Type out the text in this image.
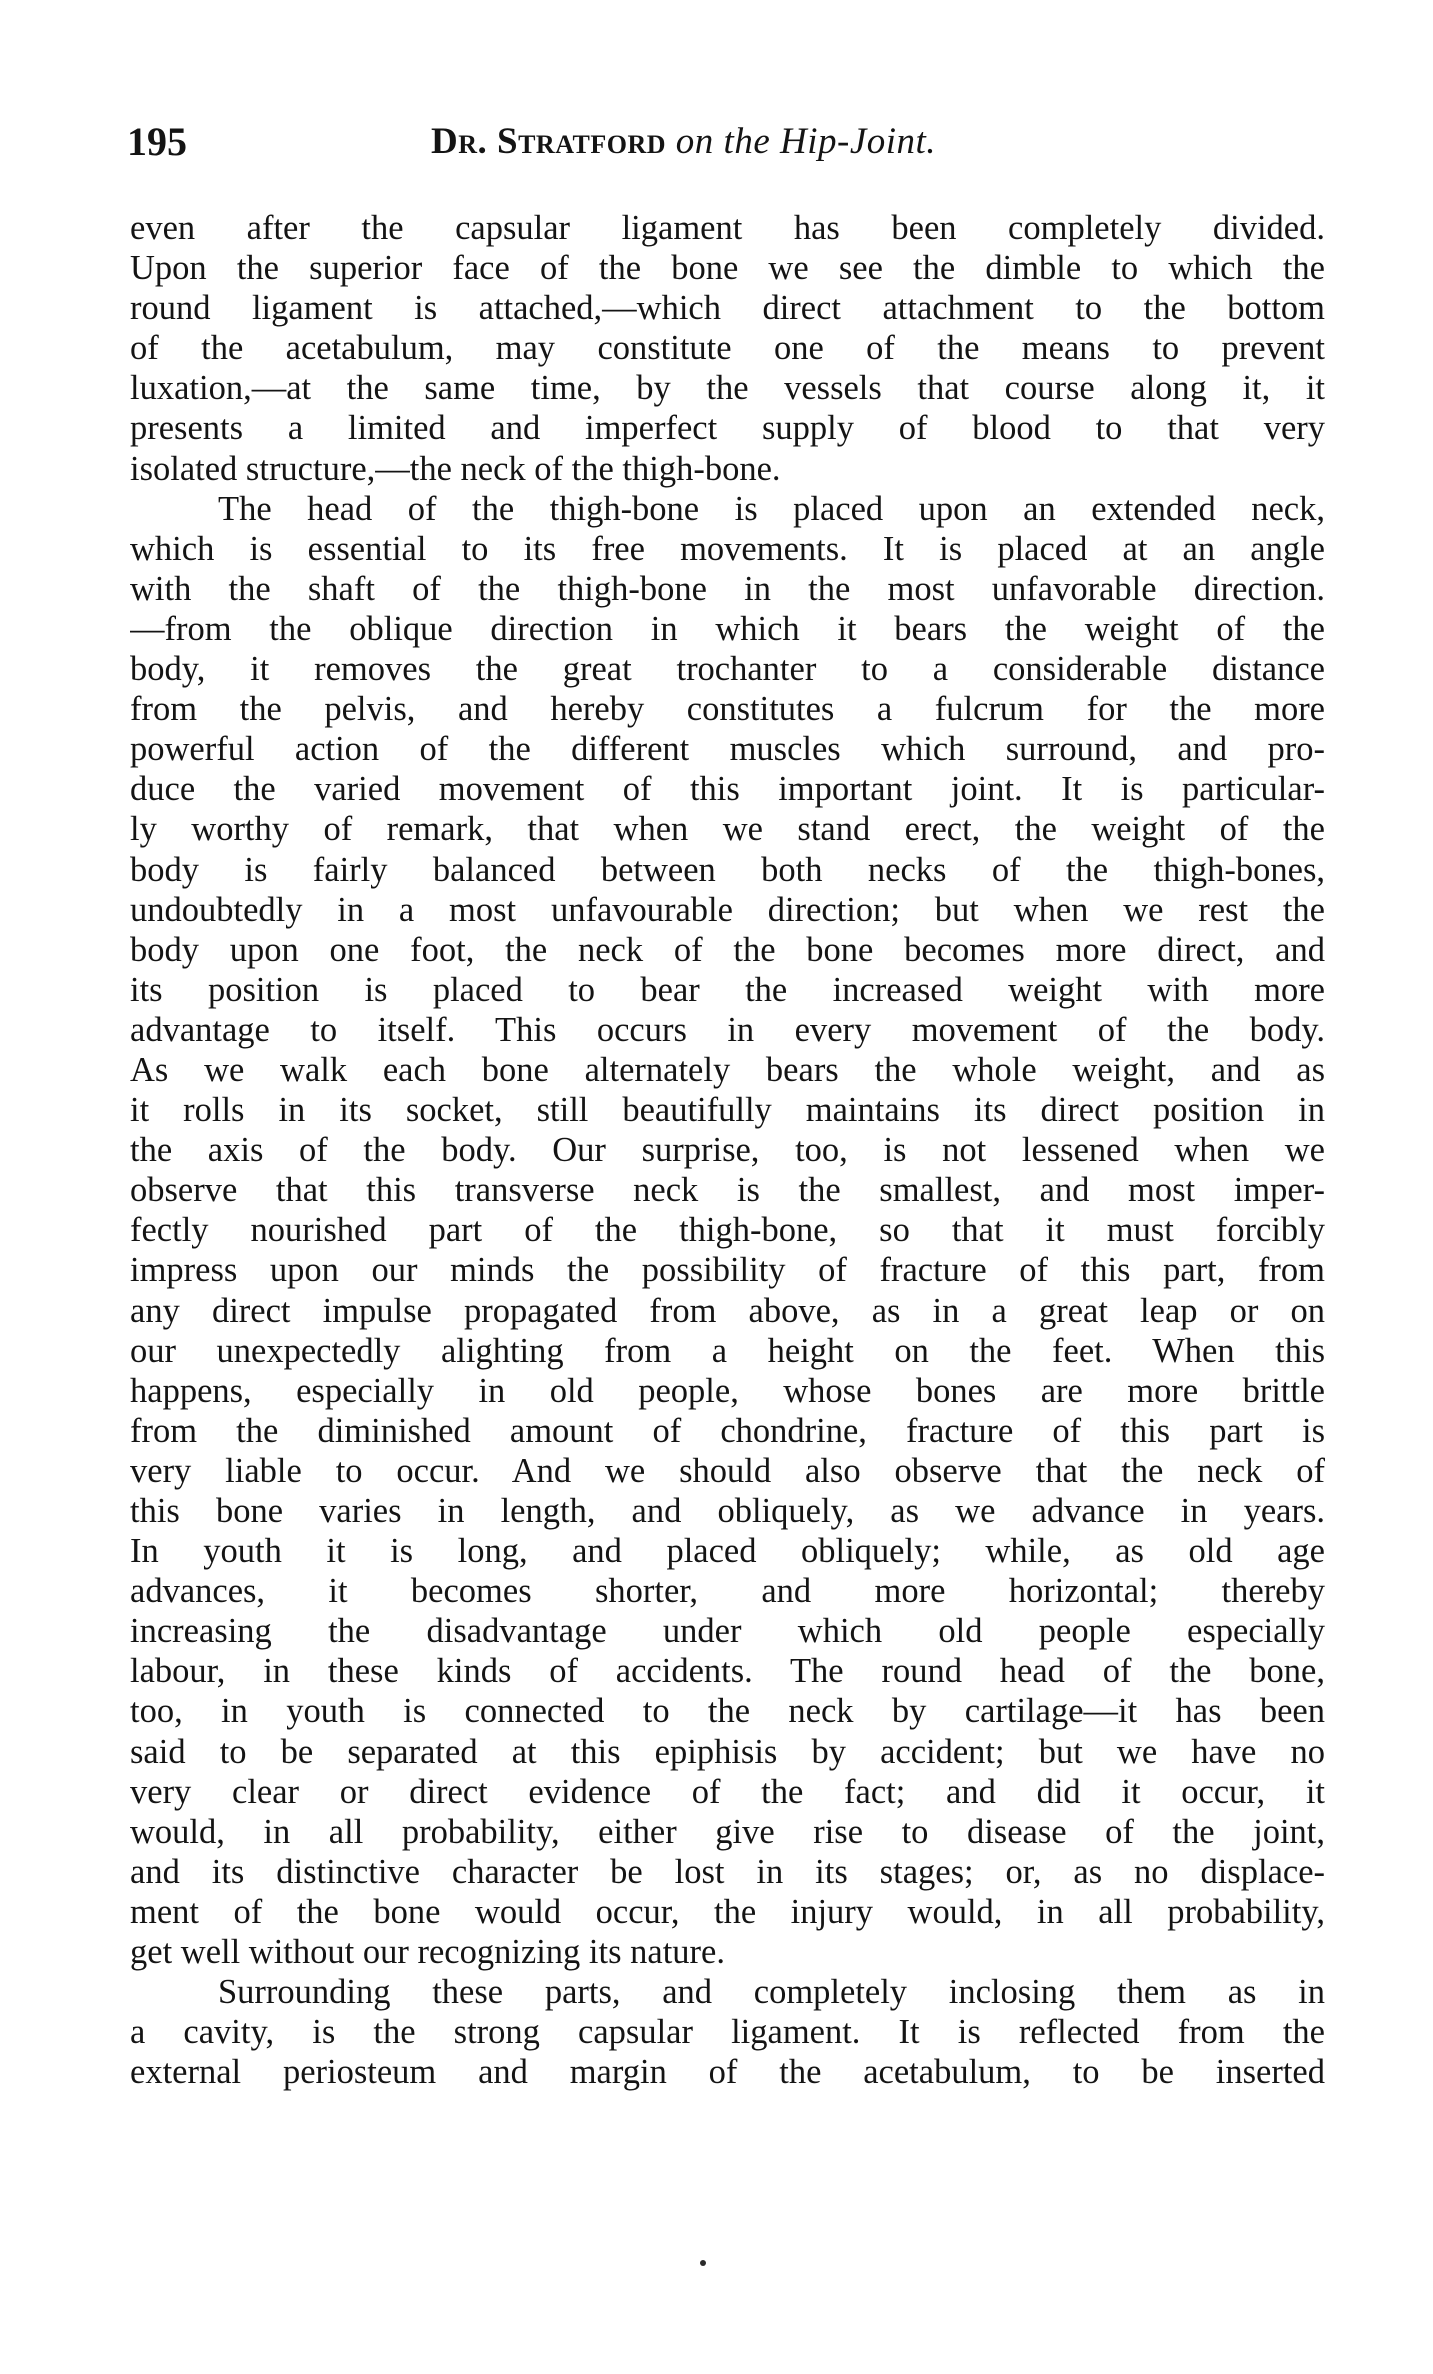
195	Dr. Stratford on the Hip-Joint.
even after the capsular ligament has been completely divided.
Upon the superior face of the bone we see the dimble to which the
round ligament is attached,—which direct attachment to the bottom
of the acetabulum, may constitute one of the means to prevent
luxation,—at the same time, by the vessels that course along it, it
presents a limited and imperfect supply of blood to that very
isolated structure,—the neck of the thigh-bone.
The head of the thigh-bone is placed upon an extended neck,
which is essential to its free movements. It is placed at an angle
with the shaft of the thigh-bone in the most unfavorable direction.
—from the oblique direction in which it bears the weight of the
body, it removes the great trochanter to a considerable distance
from the pelvis, and hereby constitutes a fulcrum for the more
powerful action of the different muscles which surround, and pro-
duce the varied movement of this important joint. It is particular-
ly worthy of remark, that when we stand erect, the weight of the
body is fairly balanced between both necks of the thigh-bones,
undoubtedly in a most unfavourable direction; but when we rest the
body upon one foot, the neck of the bone becomes more direct, and
its position is placed to bear the increased weight with more
advantage to itself. This occurs in every movement of the body.
As we walk each bone alternately bears the whole weight, and as
it rolls in its socket, still beautifully maintains its direct position in
the axis of the body. Our surprise, too, is not lessened when we
observe that this transverse neck is the smallest, and most imper-
fectly nourished part of the thigh-bone, so that it must forcibly
impress upon our minds the possibility of fracture of this part, from
any direct impulse propagated from above, as in a great leap or on
our unexpectedly alighting from a height on the feet. When this
happens, especially in old people, whose bones are more brittle
from the diminished amount of chondrine, fracture of this part is
very liable to occur. And we should also observe that the neck of
this bone varies in length, and obliquely, as we advance in years.
In youth it is long, and placed obliquely; while, as old age
advances, it becomes shorter, and more horizontal; thereby
increasing the disadvantage under which old people especially
labour, in these kinds of accidents. The round head of the bone,
too, in youth is connected to the neck by cartilage—it has been
said to be separated at this epiphisis by accident; but we have no
very clear or direct evidence of the fact; and did it occur, it
would, in all probability, either give rise to disease of the joint,
and its distinctive character be lost in its stages; or, as no displace-
ment of the bone would occur, the injury would, in all probability,
get well without our recognizing its nature.
Surrounding these parts, and completely inclosing them as in
a cavity, is the strong capsular ligament. It is reflected from the
external periosteum and margin of the acetabulum, to be inserted
